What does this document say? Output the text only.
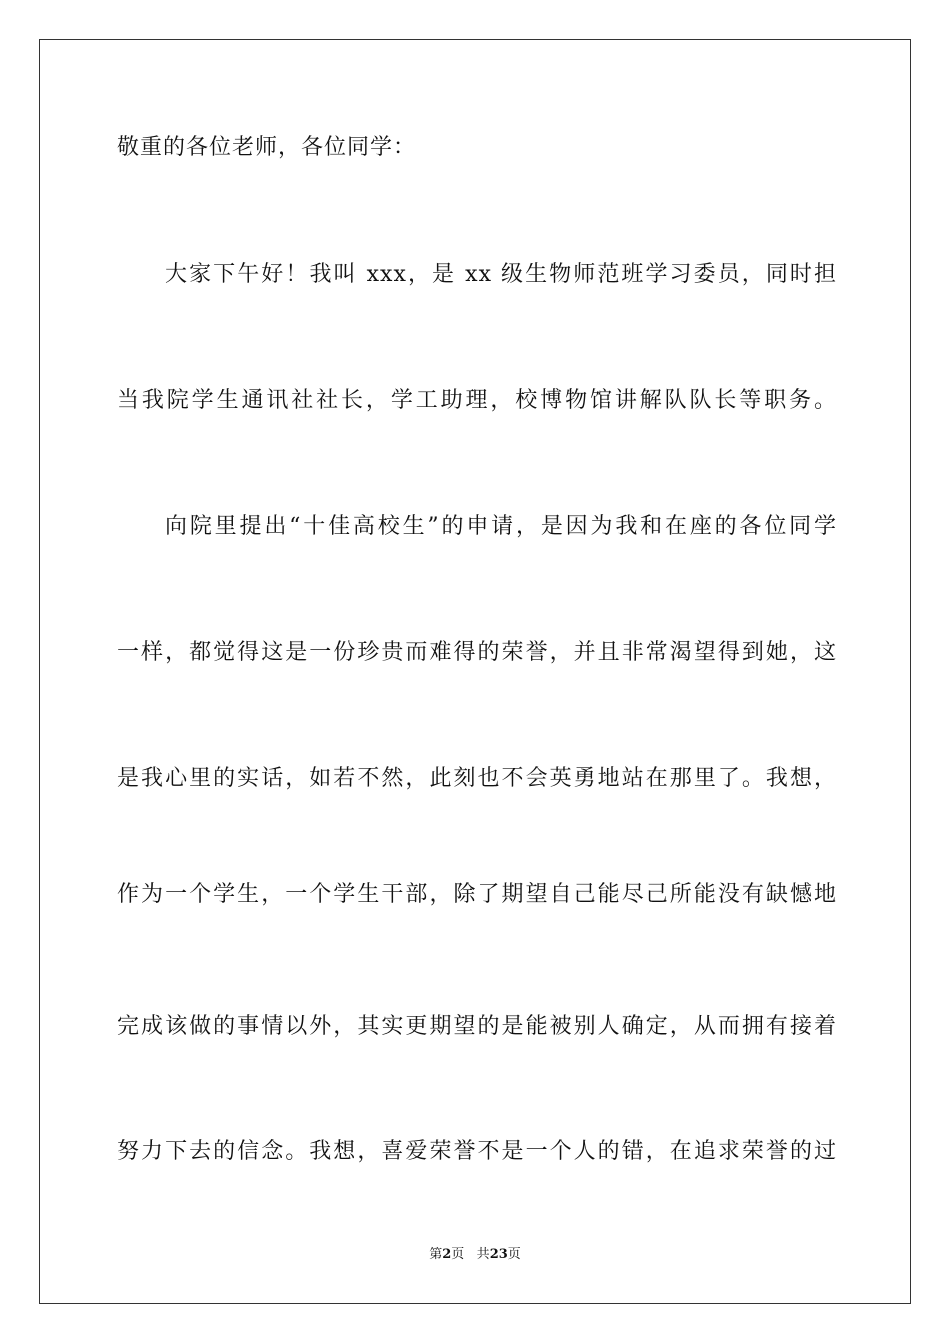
敬重的各位老师，各位同学：
大家下午好！我叫 xxx，是 xx 级生物师范班学习委员，同时担
当我院学生通讯社社长，学工助理，校博物馆讲解队队长等职务。
向院里提出“十佳高校生”的申请，是因为我和在座的各位同学
一样，都觉得这是一份珍贵而难得的荣誉，并且非常渴望得到她，这
是我心里的实话，如若不然，此刻也不会英勇地站在那里了。我想，
作为一个学生，一个学生干部，除了期望自己能尽己所能没有缺憾地
完成该做的事情以外，其实更期望的是能被别人确定，从而拥有接着
努力下去的信念。我想，喜爱荣誉不是一个人的错，在追求荣誉的过
第2页 共23页
